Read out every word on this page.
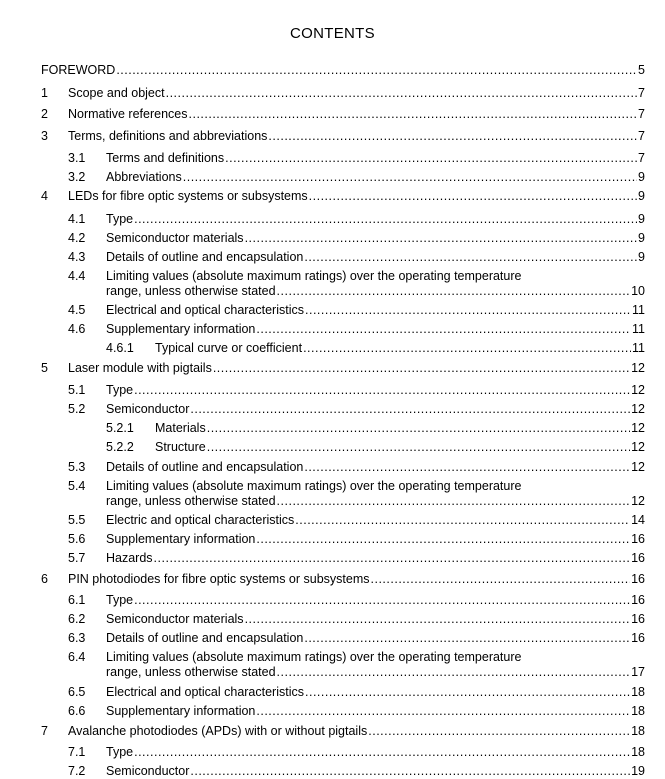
CONTENTS
FOREWORD .....	5
1	Scope and object .....	7
2	Normative references .....	7
3	Terms, definitions and abbreviations .....	7
3.1	Terms and definitions .....	7
3.2	Abbreviations .....	9
4	LEDs for fibre optic systems or subsystems .....	9
4.1	Type .....	9
4.2	Semiconductor materials .....	9
4.3	Details of outline and encapsulation .....	9
4.4	Limiting values (absolute maximum ratings) over the operating temperature
range, unless otherwise stated .....	10
4.5	Electrical and optical characteristics .....	11
4.6	Supplementary information .....	11
4.6.1	Typical curve or coefficient .....	11
5	Laser module with pigtails .....	12
5.1	Type .....	12
5.2	Semiconductor .....	12
5.2.1	Materials .....	12
5.2.2	Structure .....	12
5.3	Details of outline and encapsulation .....	12
5.4	Limiting values (absolute maximum ratings) over the operating temperature
range, unless otherwise stated .....	12
5.5	Electric and optical characteristics .....	14
5.6	Supplementary information .....	16
5.7	Hazards .....	16
6	PIN photodiodes for fibre optic systems or subsystems .....	16
6.1	Type .....	16
6.2	Semiconductor materials .....	16
6.3	Details of outline and encapsulation .....	16
6.4	Limiting values (absolute maximum ratings) over the operating temperature
range, unless otherwise stated .....	17
6.5	Electrical and optical characteristics .....	18
6.6	Supplementary information .....	18
7	Avalanche photodiodes (APDs) with or without pigtails .....	18
7.1	Type .....	18
7.2	Semiconductor .....	19
